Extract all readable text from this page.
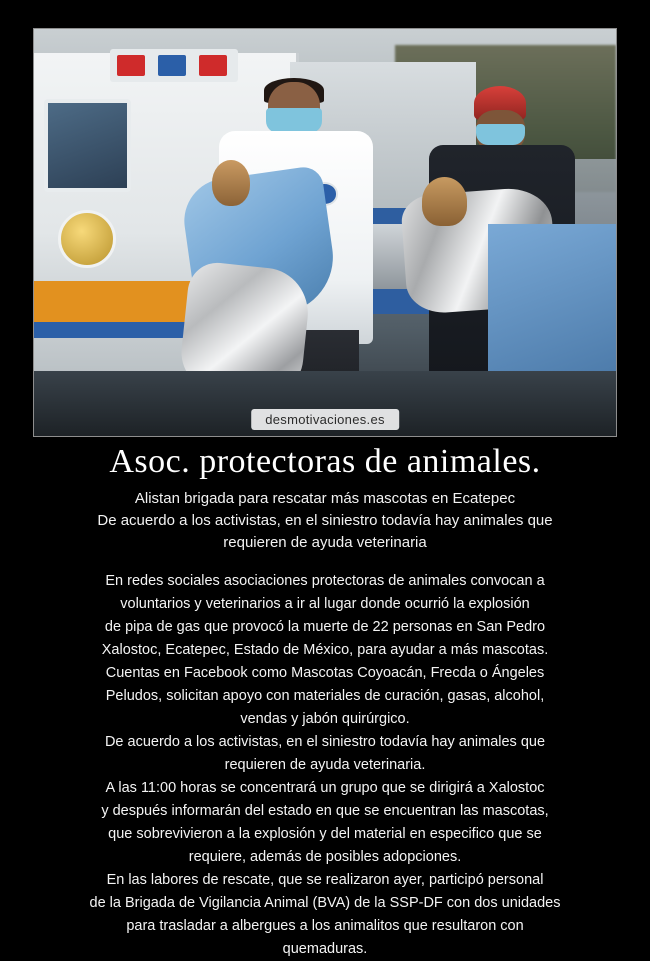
desmotivaciones.es
Asoc. protectoras de animales.
Alistan brigada para rescatar más mascotas en Ecatepec
De acuerdo a los activistas, en el siniestro todavía hay animales que
requieren de ayuda veterinaria

En redes sociales asociaciones protectoras de animales convocan a

voluntarios y veterinarios a ir al lugar donde ocurrió la explosión

de pipa de gas que provocó la muerte de 22 personas en San Pedro

Xalostoc, Ecatepec, Estado de México, para ayudar a más mascotas.

Cuentas en Facebook como Mascotas Coyoacán, Frecda o Ángeles

Peludos, solicitan apoyo con materiales de curación, gasas, alcohol,

vendas y jabón quirúrgico.

De acuerdo a los activistas, en el siniestro todavía hay animales que

requieren de ayuda veterinaria.

A las 11:00 horas se concentrará un grupo que se dirigirá a Xalostoc

y después informarán del estado en que se encuentran las mascotas,

que sobrevivieron a la explosión y del material en especifico que se

requiere, además de posibles adopciones.

En las labores de rescate, que se realizaron ayer, participó personal

de la Brigada de Vigilancia Animal (BVA) de la SSP-DF con dos unidades

para trasladar a albergues a los animalitos que resultaron con

quemaduras.
